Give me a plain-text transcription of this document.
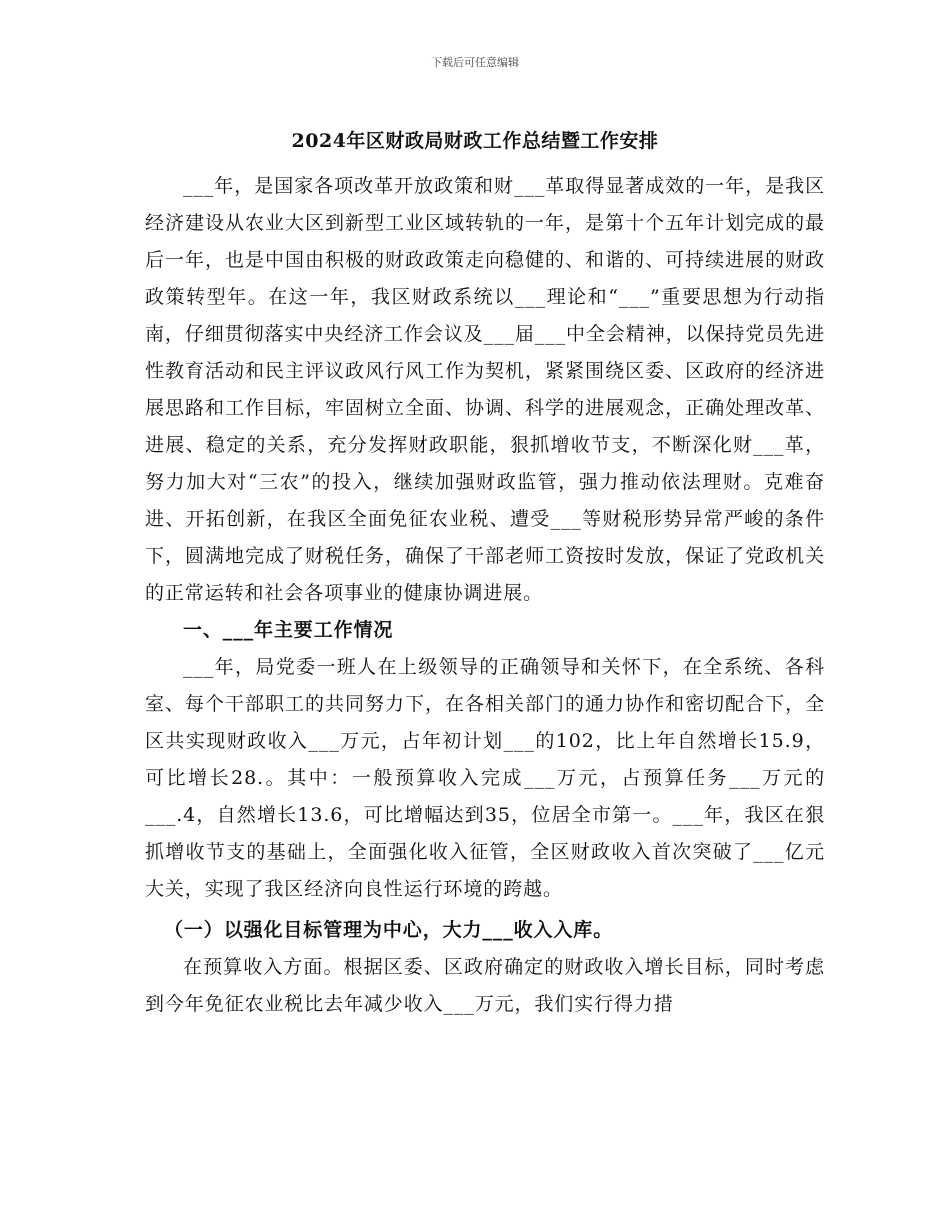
下载后可任意编辑
2024年区财政局财政工作总结暨工作安排

___年，是国家各项改革开放政策和财___革取得显著成效的一年，是我区经济建设从农业大区到新型工业区域转轨的一年，是第十个五年计划完成的最后一年，也是中国由积极的财政政策走向稳健的、和谐的、可持续进展的财政政策转型年。在这一年，我区财政系统以___理论和“___”重要思想为行动指南，仔细贯彻落实中央经济工作会议及___届___中全会精神，以保持党员先进性教育活动和民主评议政风行风工作为契机，紧紧围绕区委、区政府的经济进展思路和工作目标，牢固树立全面、协调、科学的进展观念，正确处理改革、进展、稳定的关系，充分发挥财政职能，狠抓增收节支，不断深化财___革，努力加大对“三农”的投入，继续加强财政监管，强力推动依法理财。克难奋进、开拓创新，在我区全面免征农业税、遭受___等财税形势异常严峻的条件下，圆满地完成了财税任务，确保了干部老师工资按时发放，保证了党政机关的正常运转和社会各项事业的健康协调进展。

一、___年主要工作情况

___年，局党委一班人在上级领导的正确领导和关怀下，在全系统、各科室、每个干部职工的共同努力下，在各相关部门的通力协作和密切配合下，全区共实现财政收入___万元，占年初计划___的102，比上年自然增长15.9，可比增长28.。其中：一般预算收入完成___万元，占预算任务___万元的___.4，自然增长13.6，可比增幅达到35，位居全市第一。___年，我区在狠抓增收节支的基础上，全面强化收入征管，全区财政收入首次突破了___亿元大关，实现了我区经济向良性运行环境的跨越。

（一）以强化目标管理为中心，大力___收入入库。

在预算收入方面。根据区委、区政府确定的财政收入增长目标，同时考虑到今年免征农业税比去年减少收入___万元，我们实行得力措
